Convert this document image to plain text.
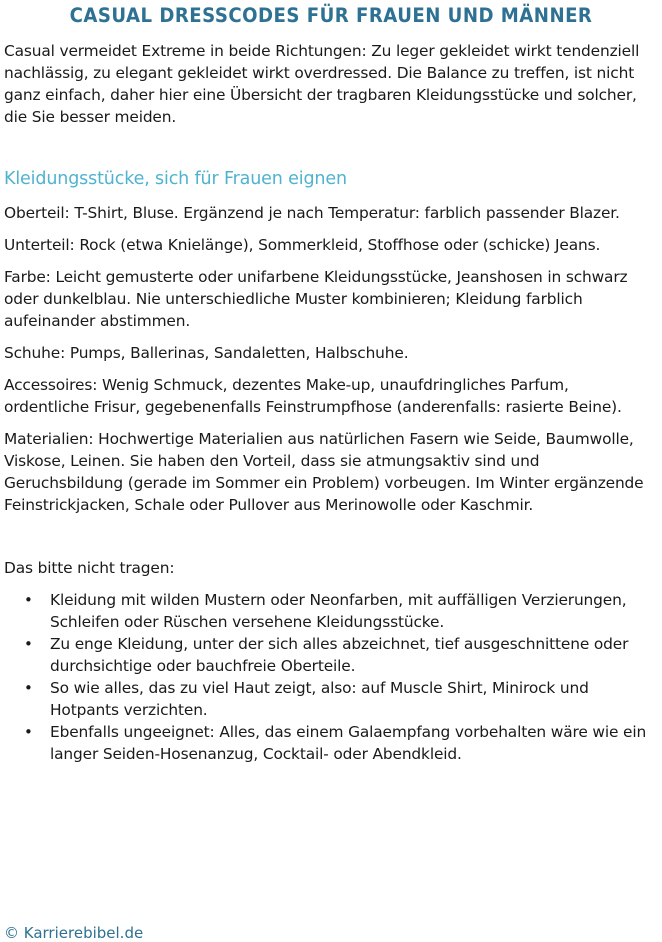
CASUAL DRESSCODES FÜR FRAUEN UND MÄNNER

Casual vermeidet Extreme in beide Richtungen: Zu leger gekleidet wirkt tendenziell nachlässig, zu elegant gekleidet wirkt overdressed. Die Balance zu treffen, ist nicht ganz einfach, daher hier eine Übersicht der tragbaren Kleidungsstücke und solcher, die Sie besser meiden.

Kleidungsstücke, sich für Frauen eignen

Oberteil: T-Shirt, Bluse. Ergänzend je nach Temperatur: farblich passender Blazer.

Unterteil: Rock (etwa Knielänge), Sommerkleid, Stoffhose oder (schicke) Jeans.

Farbe: Leicht gemusterte oder unifarbene Kleidungsstücke, Jeanshosen in schwarz oder dunkelblau. Nie unterschiedliche Muster kombinieren; Kleidung farblich aufeinander abstimmen.

Schuhe: Pumps, Ballerinas, Sandaletten, Halbschuhe.

Accessoires: Wenig Schmuck, dezentes Make-up, unaufdringliches Parfum, ordentliche Frisur, gegebenenfalls Feinstrumpfhose (anderenfalls: rasierte Beine).

Materialien: Hochwertige Materialien aus natürlichen Fasern wie Seide, Baumwolle, Viskose, Leinen. Sie haben den Vorteil, dass sie atmungsaktiv sind und Geruchsbildung (gerade im Sommer ein Problem) vorbeugen. Im Winter ergänzende Feinstrickjacken, Schale oder Pullover aus Merinowolle oder Kaschmir.

Das bitte nicht tragen:

• Kleidung mit wilden Mustern oder Neonfarben, mit auffälligen Verzierungen, Schleifen oder Rüschen versehene Kleidungsstücke.
• Zu enge Kleidung, unter der sich alles abzeichnet, tief ausgeschnittene oder durchsichtige oder bauchfreie Oberteile.
• So wie alles, das zu viel Haut zeigt, also: auf Muscle Shirt, Minirock und Hotpants verzichten.
• Ebenfalls ungeeignet: Alles, das einem Galaempfang vorbehalten wäre wie ein langer Seiden-Hosenanzug, Cocktail- oder Abendkleid.
© Karrierebibel.de
